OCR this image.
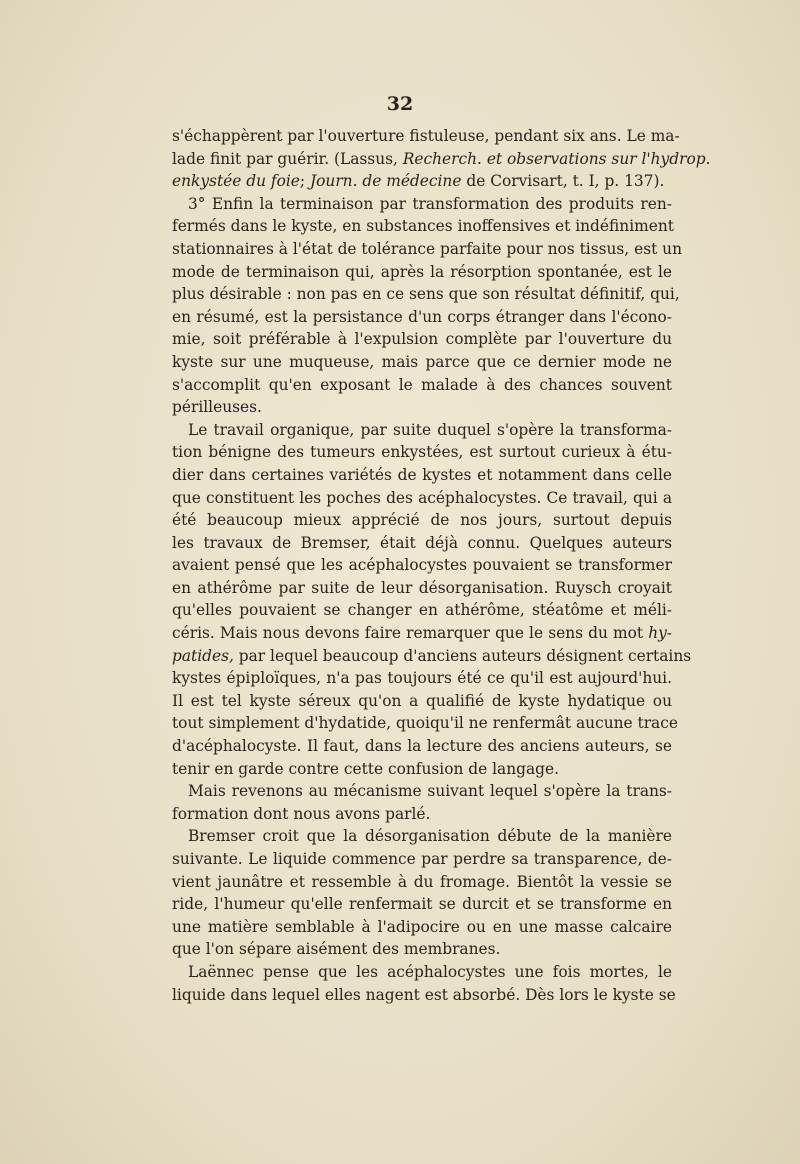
32
s'échappèrent par l'ouverture fistuleuse, pendant six ans. Le ma-
lade finit par guérir. (Lassus, Recherch. et observations sur l'hydrop.
enkystée du foie; Journ. de médecine de Corvisart, t. I, p. 137).
3° Enfin la terminaison par transformation des produits ren-
fermés dans le kyste, en substances inoffensives et indéfiniment
stationnaires à l'état de tolérance parfaite pour nos tissus, est un
mode de terminaison qui, après la résorption spontanée, est le
plus désirable : non pas en ce sens que son résultat définitif, qui,
en résumé, est la persistance d'un corps étranger dans l'écono-
mie, soit préférable à l'expulsion complète par l'ouverture du
kyste sur une muqueuse, mais parce que ce dernier mode ne
s'accomplit qu'en exposant le malade à des chances souvent
périlleuses.
Le travail organique, par suite duquel s'opère la transforma-
tion bénigne des tumeurs enkystées, est surtout curieux à étu-
dier dans certaines variétés de kystes et notamment dans celle
que constituent les poches des acéphalocystes. Ce travail, qui a
été beaucoup mieux apprécié de nos jours, surtout depuis
les travaux de Bremser, était déjà connu. Quelques auteurs
avaient pensé que les acéphalocystes pouvaient se transformer
en athérôme par suite de leur désorganisation. Ruysch croyait
qu'elles pouvaient se changer en athérôme, stéatôme et méli-
céris. Mais nous devons faire remarquer que le sens du mot hy-
patides, par lequel beaucoup d'anciens auteurs désignent certains
kystes épiploïques, n'a pas toujours été ce qu'il est aujourd'hui.
Il est tel kyste séreux qu'on a qualifié de kyste hydatique ou
tout simplement d'hydatide, quoiqu'il ne renfermât aucune trace
d'acéphalocyste. Il faut, dans la lecture des anciens auteurs, se
tenir en garde contre cette confusion de langage.
Mais revenons au mécanisme suivant lequel s'opère la trans-
formation dont nous avons parlé.
Bremser croit que la désorganisation débute de la manière
suivante. Le liquide commence par perdre sa transparence, de-
vient jaunâtre et ressemble à du fromage. Bientôt la vessie se
ride, l'humeur qu'elle renfermait se durcit et se transforme en
une matière semblable à l'adipocire ou en une masse calcaire
que l'on sépare aisément des membranes.
Laënnec pense que les acéphalocystes une fois mortes, le
liquide dans lequel elles nagent est absorbé. Dès lors le kyste se
